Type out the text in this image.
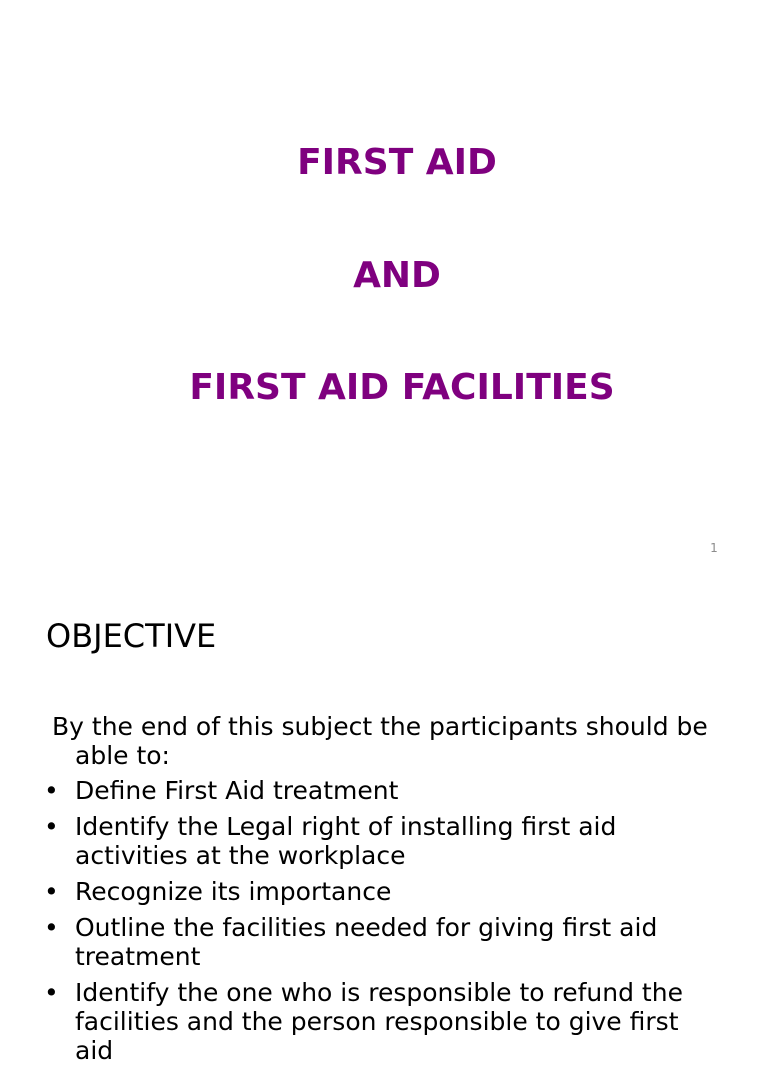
FIRST AID
AND
FIRST AID FACILITIES
1
OBJECTIVE
By the end of this subject the participants should be able to:
• Define First Aid treatment
• Identify the Legal right of installing first aid activities at the workplace
• Recognize its importance
• Outline the facilities needed for giving first aid treatment
• Identify the one who is responsible to refund the facilities and the person responsible to give first aid
